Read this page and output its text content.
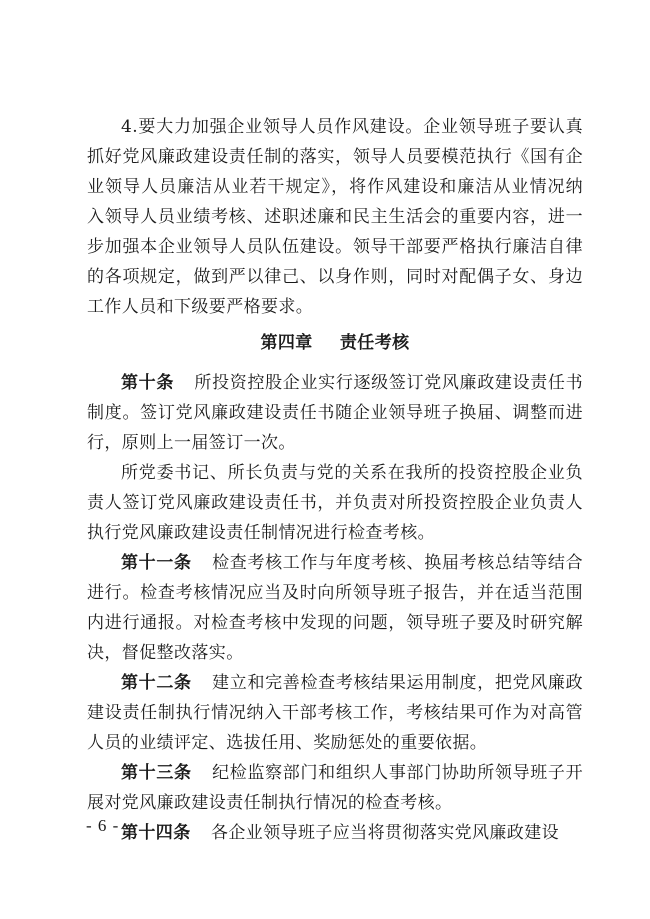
4.要大力加强企业领导人员作风建设。企业领导班子要认真抓好党风廉政建设责任制的落实，领导人员要模范执行《国有企业领导人员廉洁从业若干规定》，将作风建设和廉洁从业情况纳入领导人员业绩考核、述职述廉和民主生活会的重要内容，进一步加强本企业领导人员队伍建设。领导干部要严格执行廉洁自律的各项规定，做到严以律己、以身作则，同时对配偶子女、身边工作人员和下级要严格要求。

第四章 责任考核

第十条 所投资控股企业实行逐级签订党风廉政建设责任书制度。签订党风廉政建设责任书随企业领导班子换届、调整而进行，原则上一届签订一次。

所党委书记、所长负责与党的关系在我所的投资控股企业负责人签订党风廉政建设责任书，并负责对所投资控股企业负责人执行党风廉政建设责任制情况进行检查考核。

第十一条 检查考核工作与年度考核、换届考核总结等结合进行。检查考核情况应当及时向所领导班子报告，并在适当范围内进行通报。对检查考核中发现的问题，领导班子要及时研究解决，督促整改落实。

第十二条 建立和完善检查考核结果运用制度，把党风廉政建设责任制执行情况纳入干部考核工作，考核结果可作为对高管人员的业绩评定、选拔任用、奖励惩处的重要依据。

第十三条 纪检监察部门和组织人事部门协助所领导班子开展对党风廉政建设责任制执行情况的检查考核。

第十四条 各企业领导班子应当将贯彻落实党风廉政建设

- 6 -
